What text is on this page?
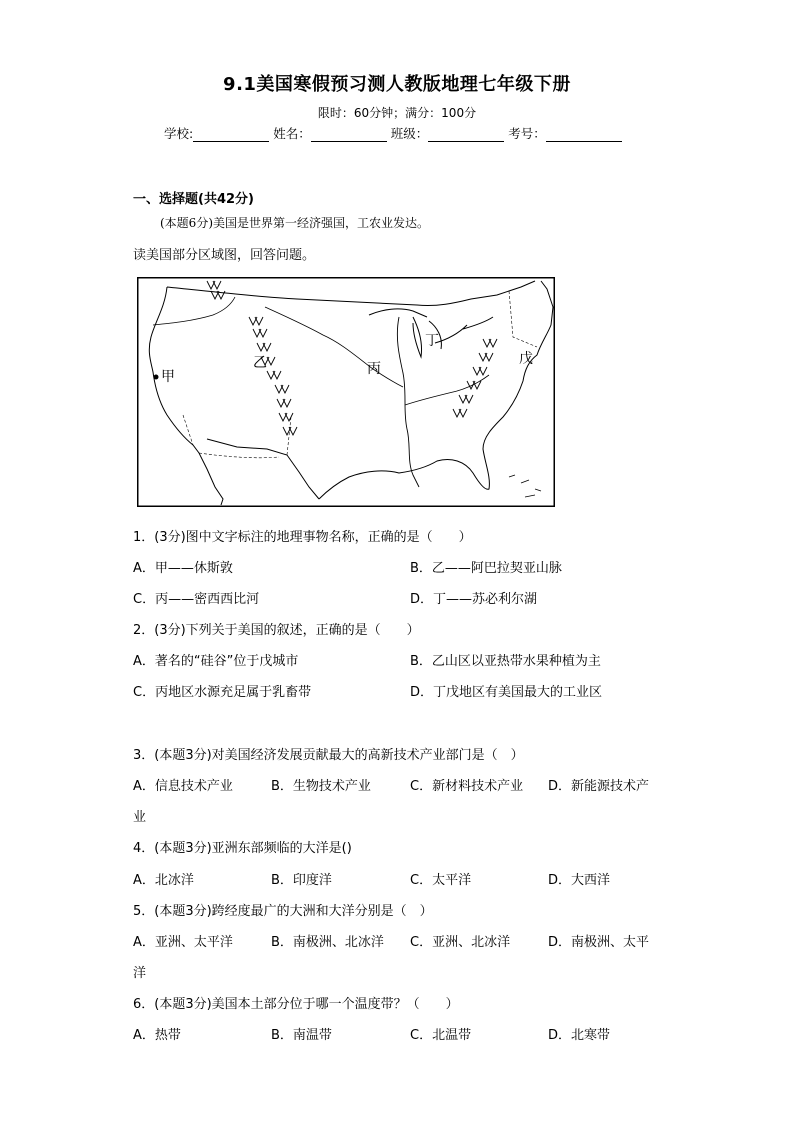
9.1美国寒假预习测人教版地理七年级下册
限时：60分钟；满分：100分
学校:	姓名：	班级：	考号：
一、选择题(共42分)
(本题6分)美国是世界第一经济强国，工农业发达。
读美国部分区域图，回答问题。
甲
乙	丙
丁
戊
1．(3分)图中文字标注的地理事物名称，正确的是（　　）
A．甲——休斯敦	B．乙——阿巴拉契亚山脉
C．丙——密西西比河	D．丁——苏必利尔湖
2．(3分)下列关于美国的叙述，正确的是（　　）
A．著名的“硅谷”位于戊城市	B．乙山区以亚热带水果种植为主
C．丙地区水源充足属于乳畜带	D．丁戊地区有美国最大的工业区
3．(本题3分)对美国经济发展贡献最大的高新技术产业部门是（　）
A．信息技术产业	B．生物技术产业	C．新材料技术产业 D．新能源技术产
业
4．(本题3分)亚洲东部频临的大洋是()
A．北冰洋	B．印度洋	C．太平洋	D．大西洋
5．(本题3分)跨经度最广的大洲和大洋分别是（　）
A．亚洲、太平洋	B．南极洲、北冰洋 C．亚洲、北冰洋	D．南极洲、太平
洋
6．(本题3分)美国本土部分位于哪一个温度带？（　　）
A．热带	B．南温带	C．北温带	D．北寒带
